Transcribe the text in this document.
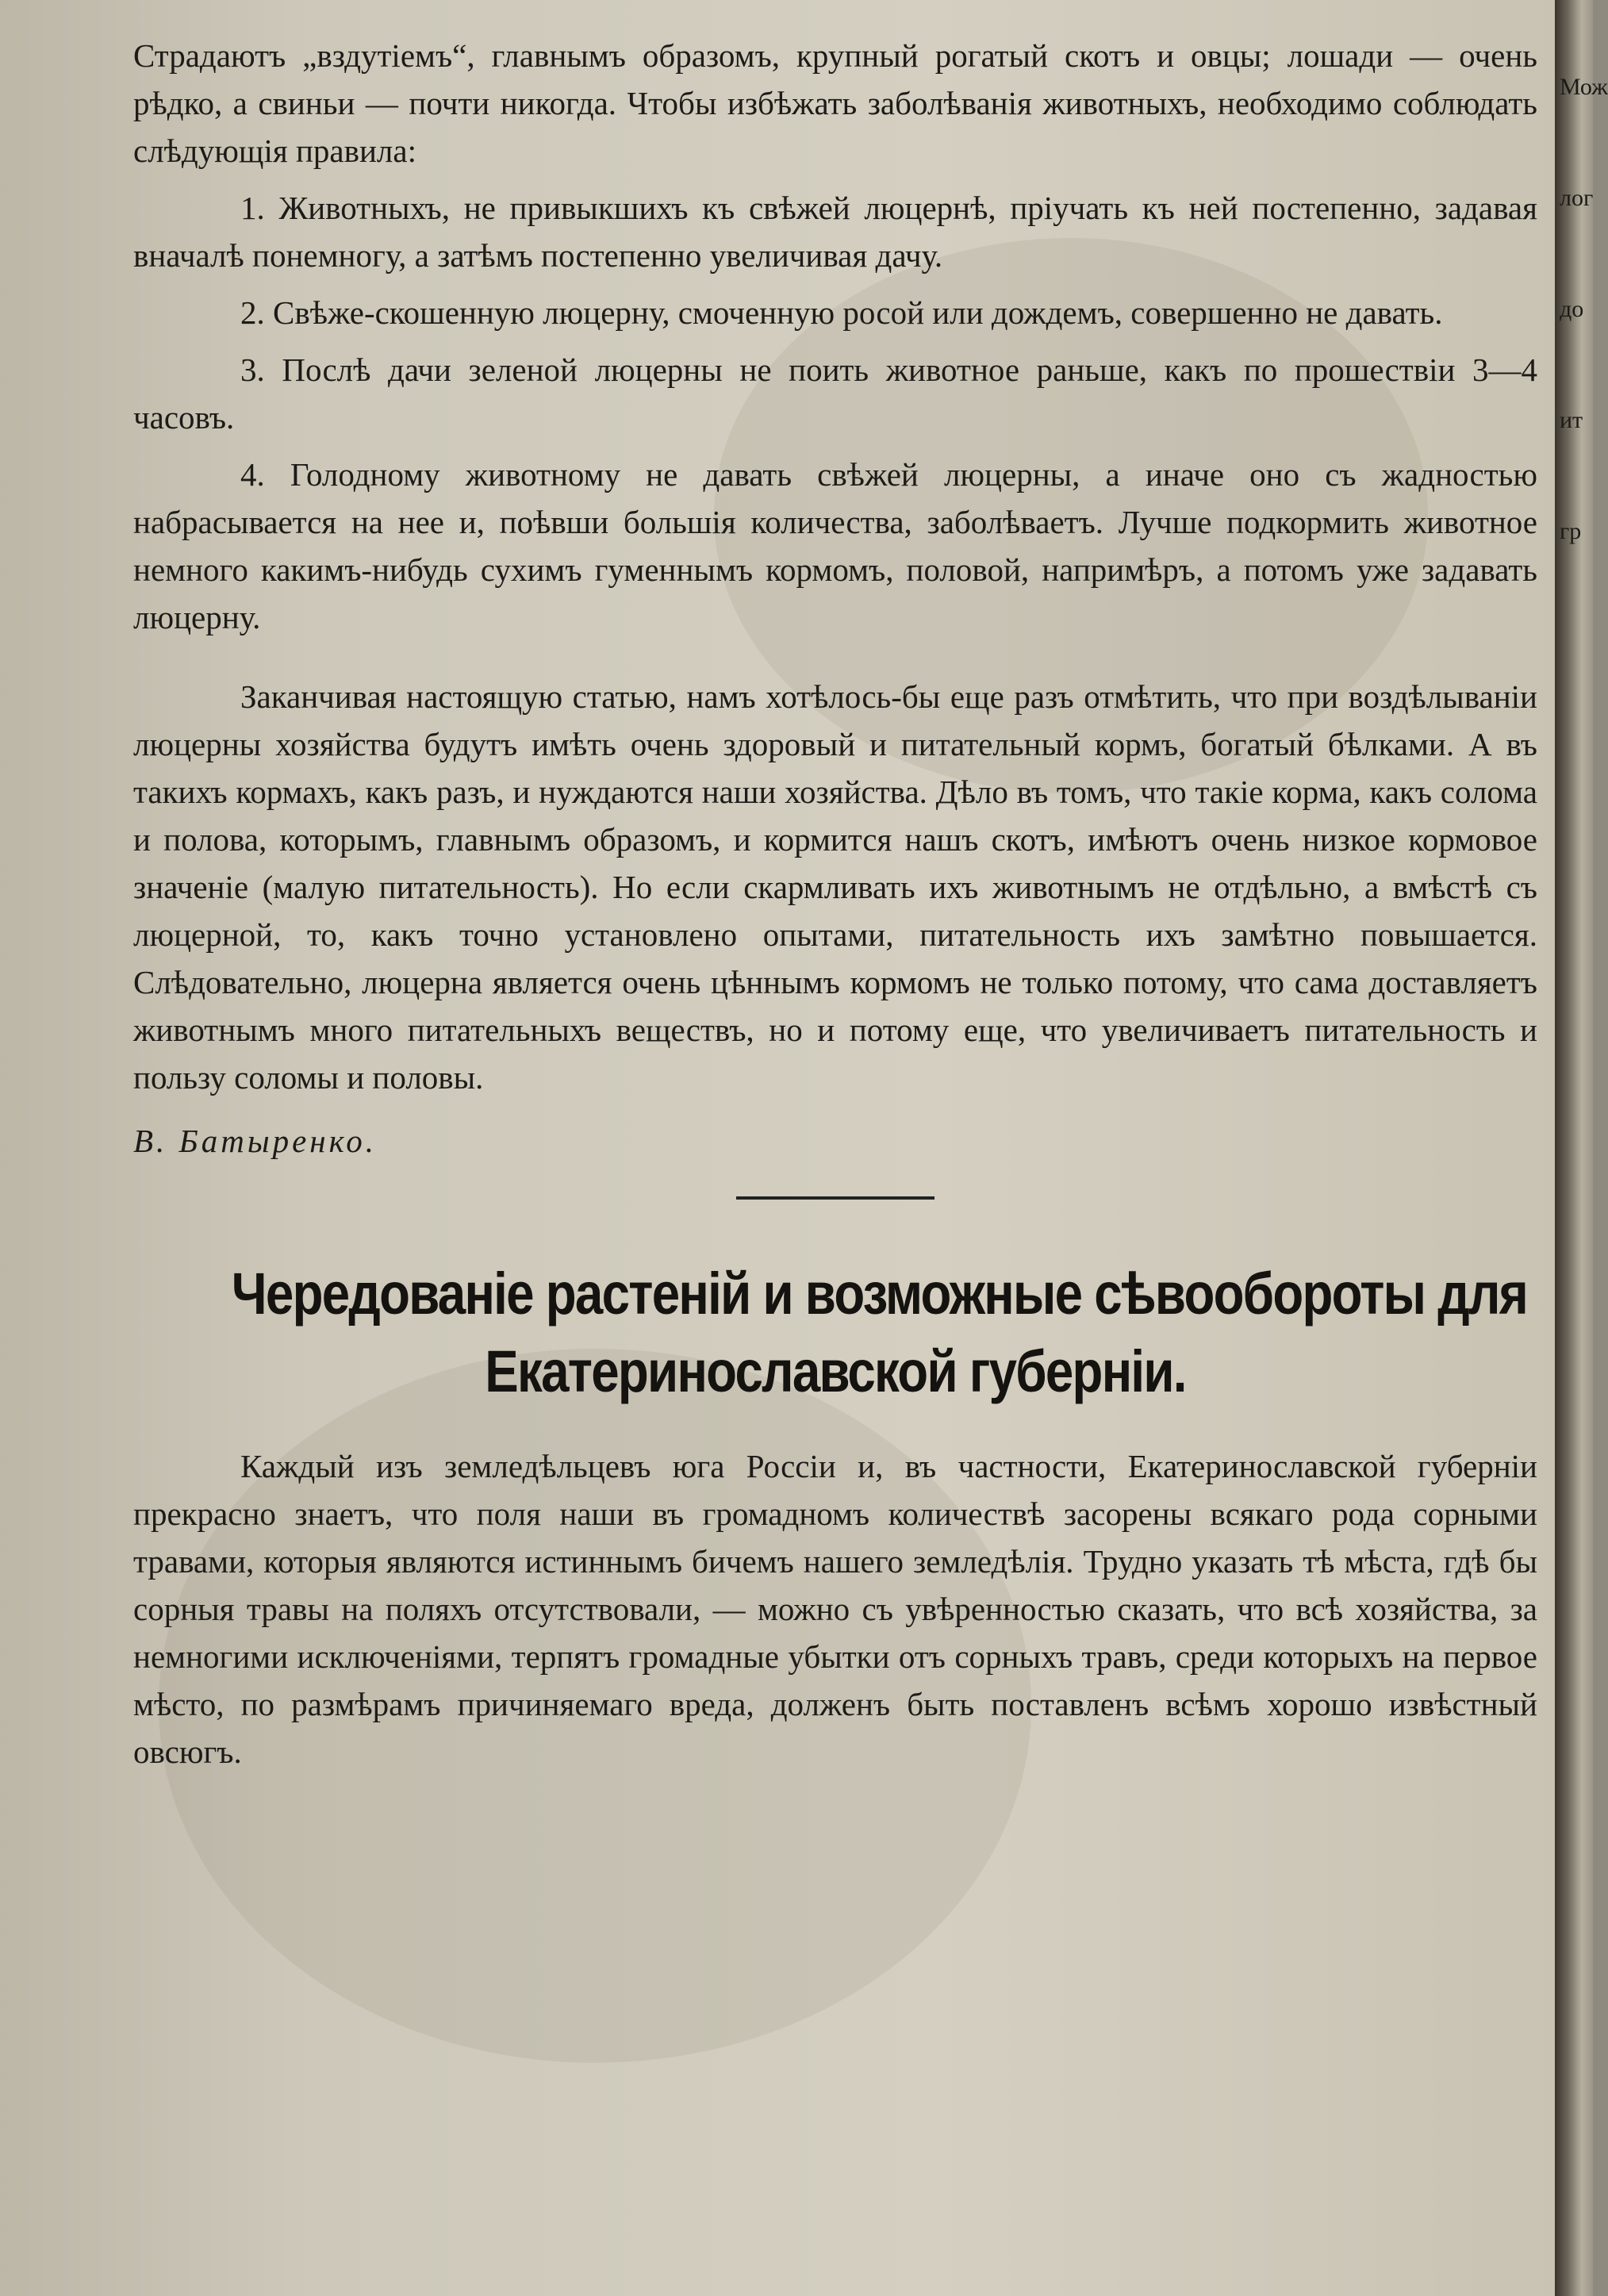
Страдаютъ „вздутіемъ“, главнымъ образомъ, крупный рогатый скотъ и овцы; лошади — очень рѣдко, а свиньи — почти никогда. Чтобы избѣжать заболѣванія животныхъ, необходимо соблюдать слѣдующія правила:

1. Животныхъ, не привыкшихъ къ свѣжей люцернѣ, пріучать къ ней постепенно, задавая вначалѣ понемногу, а затѣмъ постепенно увеличивая дачу.

2. Свѣже-скошенную люцерну, смоченную росой или дождемъ, совершенно не давать.

3. Послѣ дачи зеленой люцерны не поить животное раньше, какъ по прошествіи 3—4 часовъ.

4. Голодному животному не давать свѣжей люцерны, а иначе оно съ жадностью набрасывается на нее и, поѣвши большія количества, заболѣваетъ. Лучше подкормить животное немного какимъ-нибудь сухимъ гуменнымъ кормомъ, половой, напримѣръ, а потомъ уже задавать люцерну.

Заканчивая настоящую статью, намъ хотѣлось-бы еще разъ отмѣтить, что при воздѣлываніи люцерны хозяйства будутъ имѣть очень здоровый и питательный кормъ, богатый бѣлками. А въ такихъ кормахъ, какъ разъ, и нуждаются наши хозяйства. Дѣло въ томъ, что такіе корма, какъ солома и полова, которымъ, главнымъ образомъ, и кормится нашъ скотъ, имѣютъ очень низкое кормовое значеніе (малую питательность). Но если скармливать ихъ животнымъ не отдѣльно, а вмѣстѣ съ люцерной, то, какъ точно установлено опытами, питательность ихъ замѣтно повышается. Слѣдовательно, люцерна является очень цѣннымъ кормомъ не только потому, что сама доставляетъ животнымъ много питательныхъ веществъ, но и потому еще, что увеличиваетъ питательность и пользу соломы и половы.

В. Батыренко.

Чередованіе растеній и возможные сѣвообороты для
Екатеринославской губерніи.

Каждый изъ земледѣльцевъ юга Россіи и, въ частности, Екатеринославской губерніи прекрасно знаетъ, что поля наши въ громадномъ количествѣ засорены всякаго рода сорными травами, которыя являются истиннымъ бичемъ нашего земледѣлія. Трудно указать тѣ мѣста, гдѣ бы сорныя травы на поляхъ отсутствовали, — можно съ увѣренностью сказать, что всѣ хозяйства, за немногими исключеніями, терпятъ громадные убытки отъ сорныхъ травъ, среди которыхъ на первое мѣсто, по размѣрамъ причиняемаго вреда, долженъ быть поставленъ всѣмъ хорошо извѣстный овсюгъ.

Мож
лог
до
ит
гр
